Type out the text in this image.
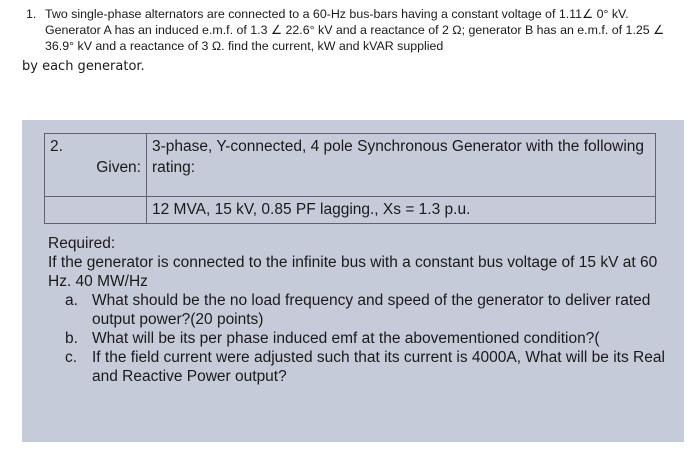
1. Two single-phase alternators are connected to a 60-Hz bus-bars having a constant voltage of 1.11∠ 0° kV. Generator A has an induced e.m.f. of 1.3 ∠ 22.6° kV and a reactance of 2 Ω; generator B has an e.m.f. of 1.25 ∠ 36.9° kV and a reactance of 3 Ω. find the current, kW and kVAR supplied
by each generator.
2.
Given:	3-phase, Y-connected, 4 pole Synchronous Generator with the following rating:
	12 MVA, 15 kV, 0.85 PF lagging., Xs = 1.3 p.u.

Required:

If the generator is connected to the infinite bus with a constant bus voltage of 15 kV at 60 Hz. 40 MW/Hz

a. What should be the no load frequency and speed of the generator to deliver rated output power?(20 points)
b. What will be its per phase induced emf at the abovementioned condition?(
c. If the field current were adjusted such that its current is 4000A, What will be its Real and Reactive Power output?
